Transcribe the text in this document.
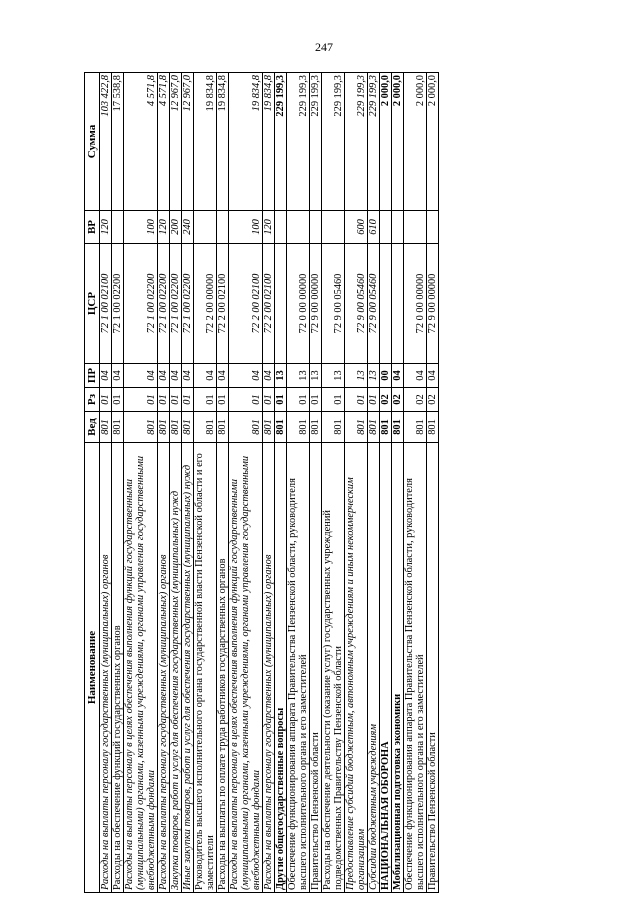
247
Наименование	Вед	Рз	ПР	ЦСР	ВР	Сумма
Расходы на выплаты персоналу государственных (муниципальных) органов	801	01	04	72 1 00 02100	120	103 422,8
Расходы на обеспечение функций государственных органов	801	01	04	72 1 00 02200		17 538,8
Расходы на выплаты персоналу в целях обеспечения выполнения функций государственными (муниципальными) органами, казенными учреждениями, органами управления государственными внебюджетными фондами	801	01	04	72 1 00 02200	100	4 571,8
Расходы на выплаты персоналу государственных (муниципальных) органов	801	01	04	72 1 00 02200	120	4 571,8
Закупка товаров, работ и услуг для обеспечения государственных (муниципальных) нужд	801	01	04	72 1 00 02200	200	12 967,0
Иные закупки товаров, работ и услуг для обеспечения государственных (муниципальных) нужд	801	01	04	72 1 00 02200	240	12 967,0
Руководитель высшего исполнительного органа государственной власти Пензенской области и его заместители	801	01	04	72 2 00 00000		19 834,8
Расходы на выплаты по оплате труда работников государственных органов	801	01	04	72 2 00 02100		19 834,8
Расходы на выплаты персоналу в целях обеспечения выполнения функций государственными (муниципальными) органами, казенными учреждениями, органами управления государственными внебюджетными фондами	801	01	04	72 2 00 02100	100	19 834,8
Расходы на выплаты персоналу государственных (муниципальных) органов	801	01	04	72 2 00 02100	120	19 834,8
Другие общегосударственные вопросы	801	01	13			229 199,3
Обеспечение функционирования аппарата Правительства Пензенской области, руководителя высшего исполнительного органа и его заместителей	801	01	13	72 0 00 00000		229 199,3
Правительство Пензенской области	801	01	13	72 9 00 00000		229 199,3
Расходы на обеспечение деятельности (оказание услуг) государственных учреждений подведомственных Правительству Пензенской области	801	01	13	72 9 00 05460		229 199,3
Предоставление субсидий бюджетным, автономным учреждениям и иным некоммерческим организациям	801	01	13	72 9 00 05460	600	229 199,3
Субсидии бюджетным учреждениям	801	01	13	72 9 00 05460	610	229 199,3
НАЦИОНАЛЬНАЯ ОБОРОНА	801	02	00			2 000,0
Мобилизационная подготовка экономики	801	02	04			2 000,0
Обеспечение функционирования аппарата Правительства Пензенской области, руководителя высшего исполнительного органа и его заместителей	801	02	04	72 0 00 00000		2 000,0
Правительство Пензенской области	801	02	04	72 9 00 00000		2 000,0
